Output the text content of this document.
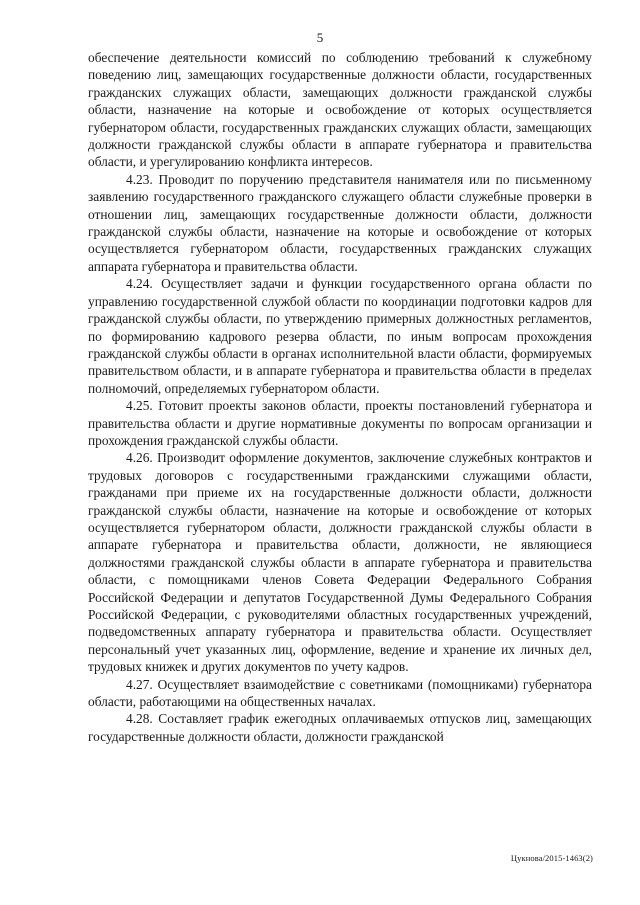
5

обеспечение деятельности комиссий по соблюдению требований к служебному поведению лиц, замещающих государственные должности области, государственных гражданских служащих области, замещающих должности гражданской службы области, назначение на которые и освобождение от которых осуществляется губернатором области, государственных гражданских служащих области, замещающих должности гражданской службы области в аппарате губернатора и правительства области, и урегулированию конфликта интересов.

4.23. Проводит по поручению представителя нанимателя или по письменному заявлению государственного гражданского служащего области служебные проверки в отношении лиц, замещающих государственные должности области, должности гражданской службы области, назначение на которые и освобождение от которых осуществляется губернатором области, государственных гражданских служащих аппарата губернатора и правительства области.

4.24. Осуществляет задачи и функции государственного органа области по управлению государственной службой области по координации подготовки кадров для гражданской службы области, по утверждению примерных должностных регламентов, по формированию кадрового резерва области, по иным вопросам прохождения гражданской службы области в органах исполнительной власти области, формируемых правительством области, и в аппарате губернатора и правительства области в пределах полномочий, определяемых губернатором области.

4.25. Готовит проекты законов области, проекты постановлений губернатора и правительства области и другие нормативные документы по вопросам организации и прохождения гражданской службы области.

4.26. Производит оформление документов, заключение служебных контрактов и трудовых договоров с государственными гражданскими служащими области, гражданами при приеме их на государственные должности области, должности гражданской службы области, назначение на которые и освобождение от которых осуществляется губернатором области, должности гражданской службы области в аппарате губернатора и правительства области, должности, не являющиеся должностями гражданской службы области в аппарате губернатора и правительства области, с помощниками членов Совета Федерации Федерального Собрания Российской Федерации и депутатов Государственной Думы Федерального Собрания Российской Федерации, с руководителями областных государственных учреждений, подведомственных аппарату губернатора и правительства области. Осуществляет персональный учет указанных лиц, оформление, ведение и хранение их личных дел, трудовых книжек и других документов по учету кадров.

4.27. Осуществляет взаимодействие с советниками (помощниками) губернатора области, работающими на общественных началах.

4.28. Составляет график ежегодных оплачиваемых отпусков лиц, замещающих государственные должности области, должности гражданской

Цукнова/2015-1463(2)
